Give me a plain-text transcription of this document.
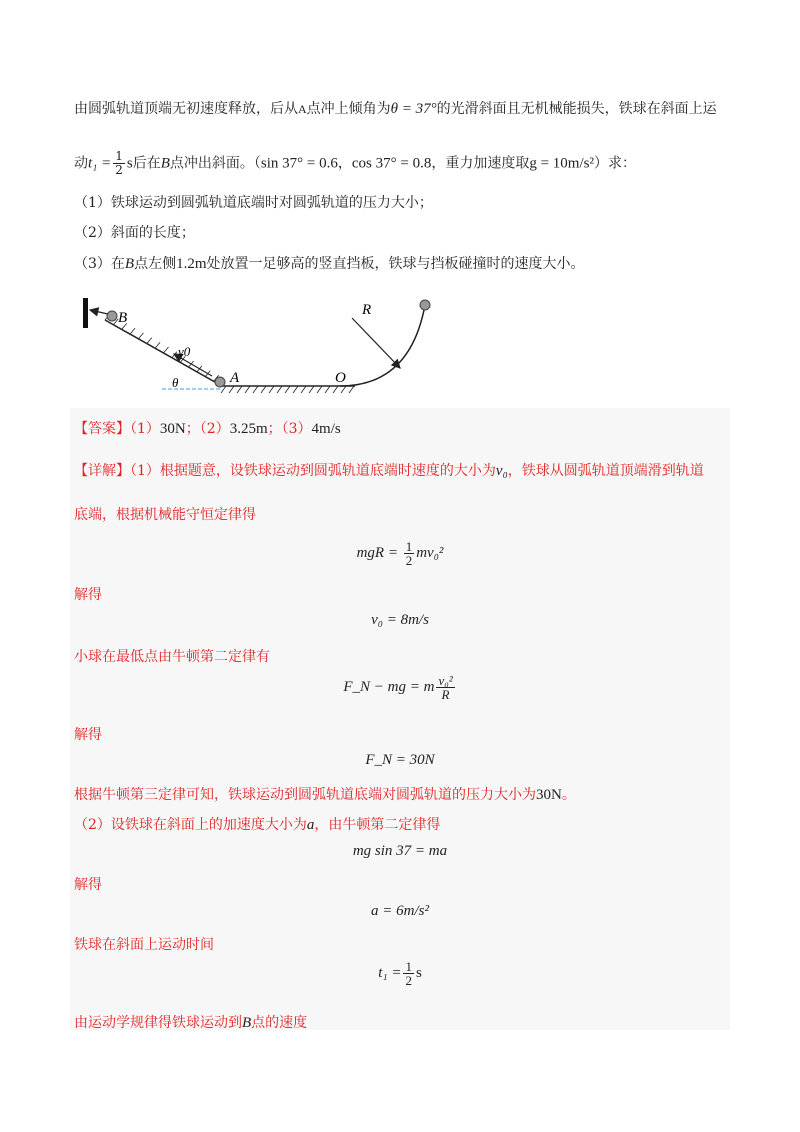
由圆弧轨道顶端无初速度释放，后从A点冲上倾角为θ = 37°的光滑斜面且无机械能损失，铁球在斜面上运
动$t_1 = \frac{1}{2}$ s后在B点冲出斜面。（sin 37° = 0.6，cos 37° = 0.8，重力加速度取g = 10m/s²）求：
（1）铁球运动到圆弧轨道底端时对圆弧轨道的压力大小；
（2）斜面的长度；
（3）在B点左侧1.2m处放置一足够高的竖直挡板，铁球与挡板碰撞时的速度大小。
B
v0
θ	A	O
R
【答案】（1）30N；（2）3.25m；（3）4m/s
【详解】（1）根据题意，设铁球运动到圆弧轨道底端时速度的大小为v₀，铁球从圆弧轨道顶端滑到轨道
底端，根据机械能守恒定律得
mgR = $\frac{1}{2} mv_0^2$
解得
v₀ = 8m/s
小球在最低点由牛顿第二定律有
F_N − mg = m $\frac{\text{v₀²}}{R}$
解得
F_N = 30N
根据牛顿第三定律可知，铁球运动到圆弧轨道底端对圆弧轨道的压力大小为30N。
（2）设铁球在斜面上的加速度大小为a，由牛顿第二定律得
mg sin 37 = ma
解得
a = 6m/s²
铁球在斜面上运动时间
$t_1 = \frac{1}{2}$ s
由运动学规律得铁球运动到B点的速度
